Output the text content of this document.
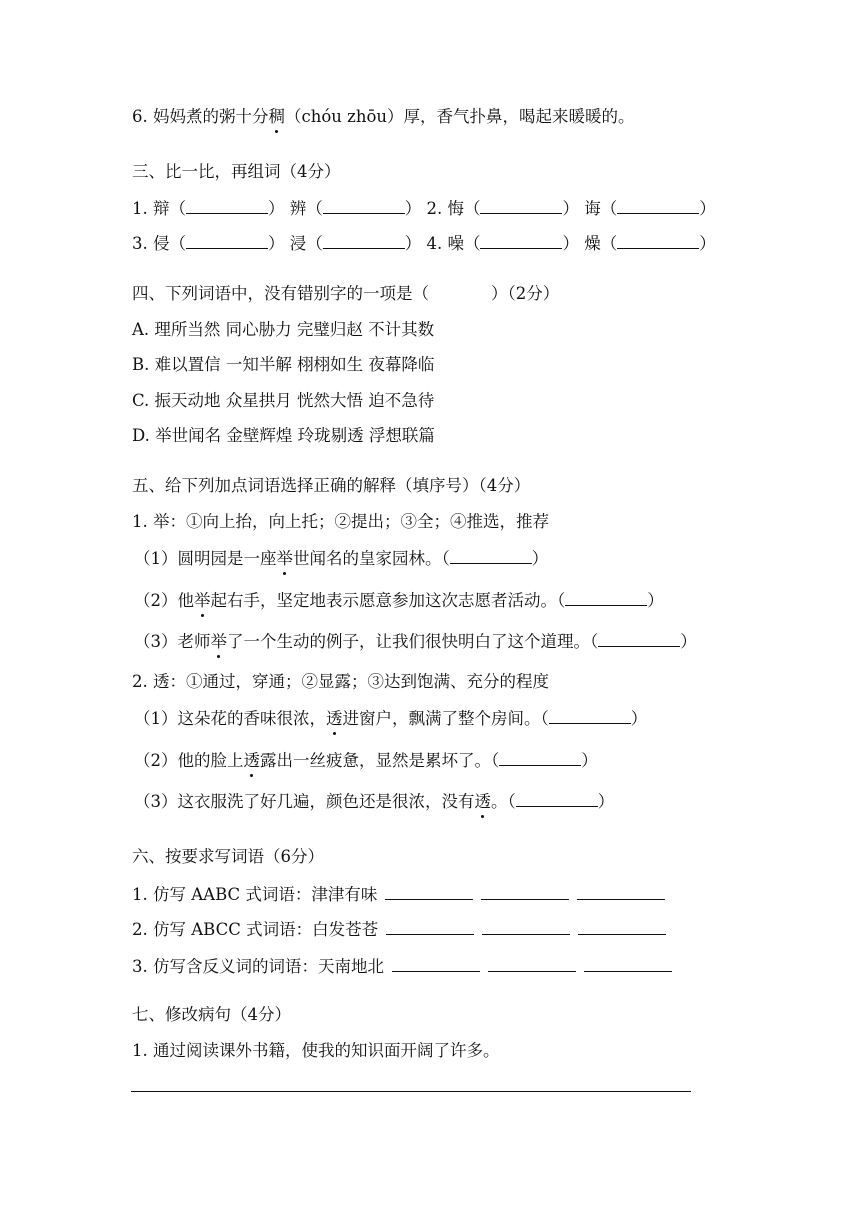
6. 妈妈煮的粥十分稠（chóu zhōu）厚，香气扑鼻，喝起来暖暖的。
三、比一比，再组词（4分）
1. 辩（	） 辨（	） 2. 悔（	） 诲（	）
3. 侵（	） 浸（	） 4. 噪（	） 燥（	）
四、下列词语中，没有错别字的一项是（	）（2分）
A. 理所当然 同心胁力 完璧归赵 不计其数
B. 难以置信 一知半解 栩栩如生 夜幕降临
C. 振天动地 众星拱月 恍然大悟 迫不急待
D. 举世闻名 金壁辉煌 玲珑剔透 浮想联篇
五、给下列加点词语选择正确的解释（填序号）（4分）
1. 举：①向上抬，向上托；②提出；③全；④推选，推荐
（1）圆明园是一座举世闻名的皇家园林。（	）
（2）他举起右手，坚定地表示愿意参加这次志愿者活动。（	）
（3）老师举了一个生动的例子，让我们很快明白了这个道理。（	）
2. 透：①通过，穿通；②显露；③达到饱满、充分的程度
（1）这朵花的香味很浓，透进窗户，飘满了整个房间。（	）
（2）他的脸上透露出一丝疲惫，显然是累坏了。（	）
（3）这衣服洗了好几遍，颜色还是很浓，没有透。（	）
六、按要求写词语（6分）
1. 仿写 AABC 式词语：津津有味
2. 仿写 ABCC 式词语：白发苍苍
3. 仿写含反义词的词语：天南地北
七、修改病句（4分）
1. 通过阅读课外书籍，使我的知识面开阔了许多。
